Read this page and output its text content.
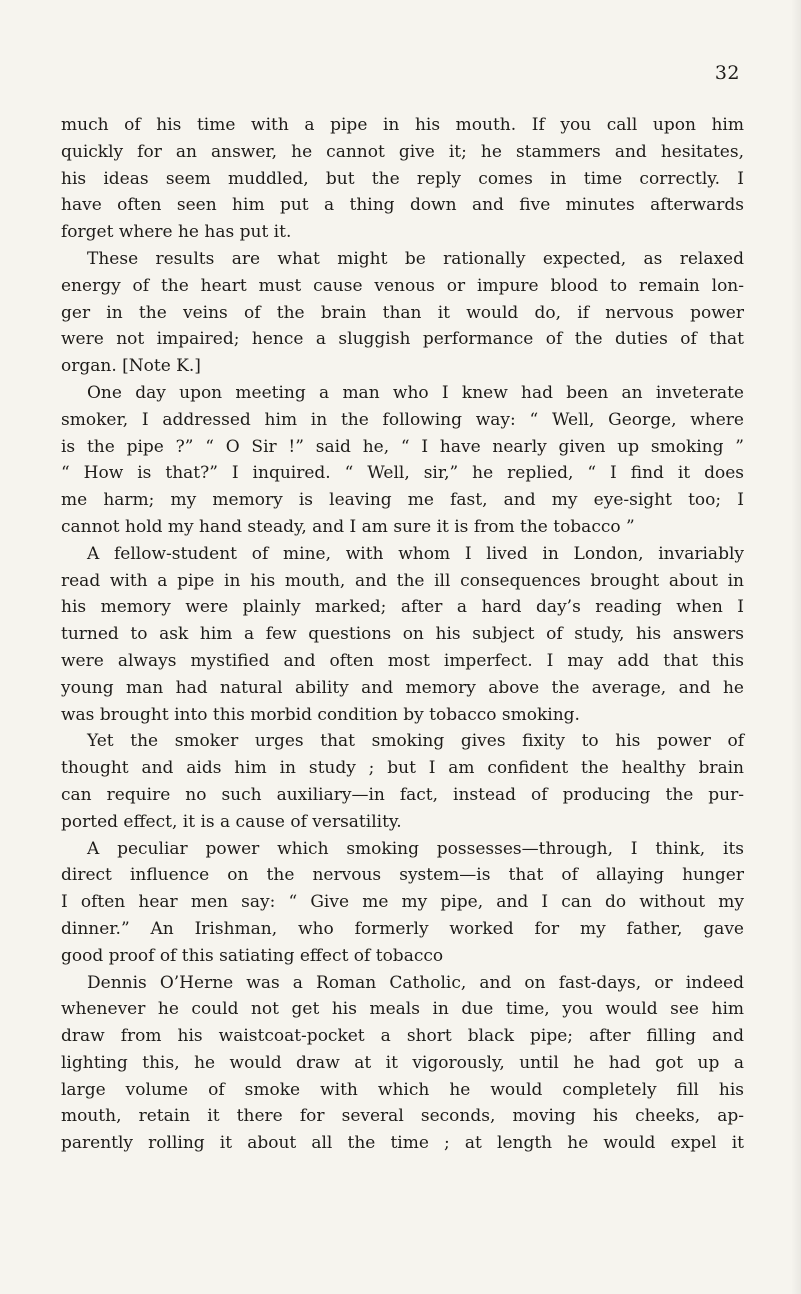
32
much of his time with a pipe in his mouth. If you call upon him
quickly for an answer, he cannot give it; he stammers and hesitates,
his ideas seem muddled, but the reply comes in time correctly. I
have often seen him put a thing down and five minutes afterwards
forget where he has put it.
These results are what might be rationally expected, as relaxed
energy of the heart must cause venous or impure blood to remain lon-
ger in the veins of the brain than it would do, if nervous power
were not impaired; hence a sluggish performance of the duties of that
organ. [Note K.]
One day upon meeting a man who I knew had been an inveterate
smoker, I addressed him in the following way: “ Well, George, where
is the pipe ?” “ O Sir !” said he, “ I have nearly given up smoking ”
“ How is that?” I inquired. “ Well, sir,” he replied, “ I find it does
me harm; my memory is leaving me fast, and my eye-sight too; I
cannot hold my hand steady, and I am sure it is from the tobacco ”
A fellow-student of mine, with whom I lived in London, invariably
read with a pipe in his mouth, and the ill consequences brought about in
his memory were plainly marked; after a hard day’s reading when I
turned to ask him a few questions on his subject of study, his answers
were always mystified and often most imperfect. I may add that this
young man had natural ability and memory above the average, and he
was brought into this morbid condition by tobacco smoking.
Yet the smoker urges that smoking gives fixity to his power of
thought and aids him in study ; but I am confident the healthy brain
can require no such auxiliary—in fact, instead of producing the pur-
ported effect, it is a cause of versatility.
A peculiar power which smoking possesses—through, I think, its
direct influence on the nervous system—is that of allaying hunger
I often hear men say: “ Give me my pipe, and I can do without my
dinner.” An Irishman, who formerly worked for my father, gave
good proof of this satiating effect of tobacco
Dennis O’Herne was a Roman Catholic, and on fast-days, or indeed
whenever he could not get his meals in due time, you would see him
draw from his waistcoat-pocket a short black pipe; after filling and
lighting this, he would draw at it vigorously, until he had got up a
large volume of smoke with which he would completely fill his
mouth, retain it there for several seconds, moving his cheeks, ap-
parently rolling it about all the time ; at length he would expel it
